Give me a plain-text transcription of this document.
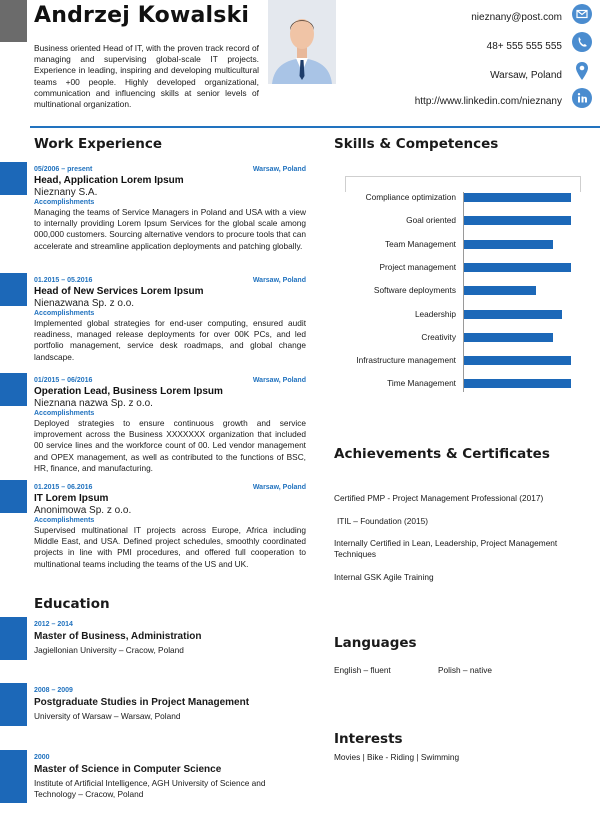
Andrzej Kowalski
Business oriented Head of IT, with the proven track record of managing and supervising global-scale IT projects. Experience in leading, inspiring and developing multicultural teams +00 people. Highly developed organizational, communication and influencing skills at senior levels of multinational organization.
nieznany@post.com
48+ 555 555 555
Warsaw, Poland
http://www.linkedin.com/nieznany
Work Experience	Skills & Competences
05/2006 – present	Warsaw, Poland
Head, Application Lorem Ipsum
Nieznany S.A.
Accomplishments
Managing the teams of Service Managers in Poland and USA with a view to internally providing Lorem Ipsum Services for the global scale among 000,000 customers. Sourcing alternative vendors to procure tools that can accelerate and streamline application deployments and patching globally.
01.2015 – 05.2016	Warsaw, Poland
Head of New Services Lorem Ipsum
Nienazwana Sp. z o.o.
Accomplishments
Implemented global strategies for end-user computing, ensured audit readiness, managed release deployments for over 00K PCs, and led portfolio management, service desk roadmaps, and global change landscape.
01/2015 – 06/2016	Warsaw, Poland
Operation Lead, Business Lorem Ipsum
Nieznana nazwa Sp. z o.o.
Accomplishments
Deployed strategies to ensure continuous growth and service improvement across the Business XXXXXXX organization that included 00 service lines and the workforce count of 00. Led vendor management and OPEX management, as well as contributed to the functions of BSC, HR, finance, and manufacturing.
01.2015 – 06.2016	Warsaw, Poland
IT Lorem Ipsum
Anonimowa Sp. z o.o.
Accomplishments
Supervised multinational IT projects across Europe, Africa including Middle East, and USA. Defined project schedules, smoothly coordinated projects in line with PMI procedures, and offered full cooperation to multinational teams including the teams of the US and UK.
Education
2012 – 2014
Master of Business, Administration
Jagiellonian University – Cracow, Poland
2008 – 2009
Postgraduate Studies in Project Management
University of Warsaw – Warsaw, Poland
2000
Master of Science in Computer Science
Institute of Artificial Intelligence, AGH University of Science and Technology – Cracow, Poland
Compliance optimization
Goal oriented
Team Management
Project management
Software deployments
Leadership
Creativity
Infrastructure management
Time Management
Achievements & Certificates
Certified PMP - Project Management Professional (2017)
ITIL – Foundation (2015)
Internally Certified in Lean, Leadership, Project Management Techniques
Internal GSK Agile Training
Languages
English – fluent	Polish – native
Interests
Movies | Bike - Riding | Swimming
